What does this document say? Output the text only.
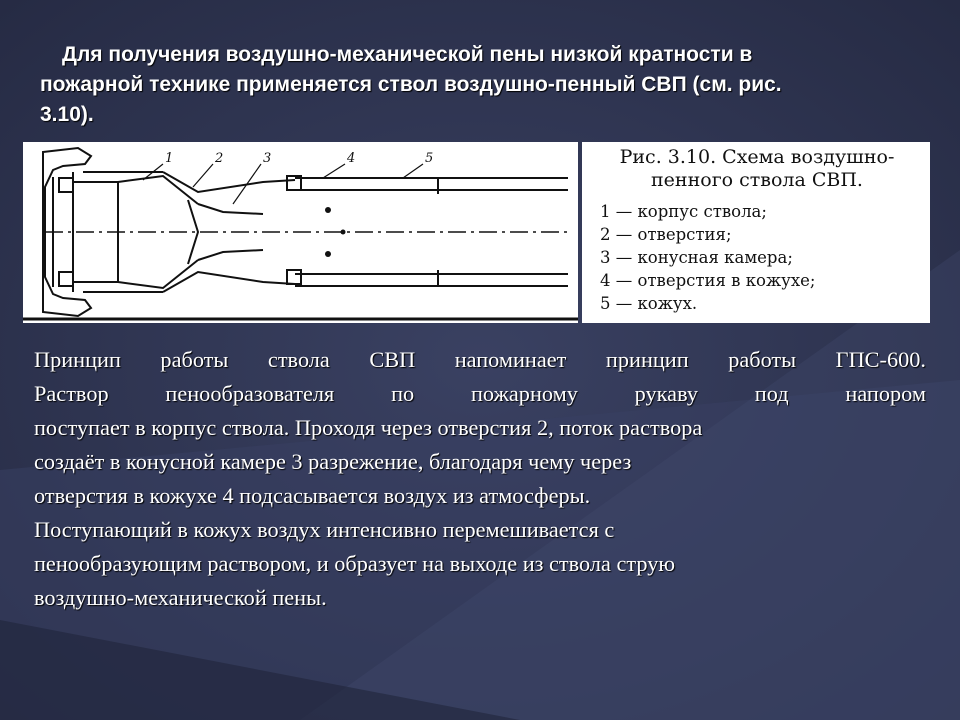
Для получения воздушно-механической пены низкой кратности в
пожарной технике применяется ствол воздушно-пенный СВП (см. рис.
3.10).
1	2	3	4	5	Рис. 3.10. Схема воздушно-
пенного ствола СВП.
1 — корпус ствола;
2 — отверстия;
3 — конусная камера;
4 — отверстия в кожухе;
5 — кожух.
Принцип работы ствола СВП напоминает принцип работы ГПС-600.
Раствор пенообразователя по пожарному рукаву под напором
поступает в корпус ствола. Проходя через отверстия 2, поток раствора
создаёт в конусной камере 3 разрежение, благодаря чему через
отверстия в кожухе 4 подсасывается воздух из атмосферы.
Поступающий в кожух воздух интенсивно перемешивается с
пенообразующим раствором, и образует на выходе из ствола струю
воздушно-механической пены.
